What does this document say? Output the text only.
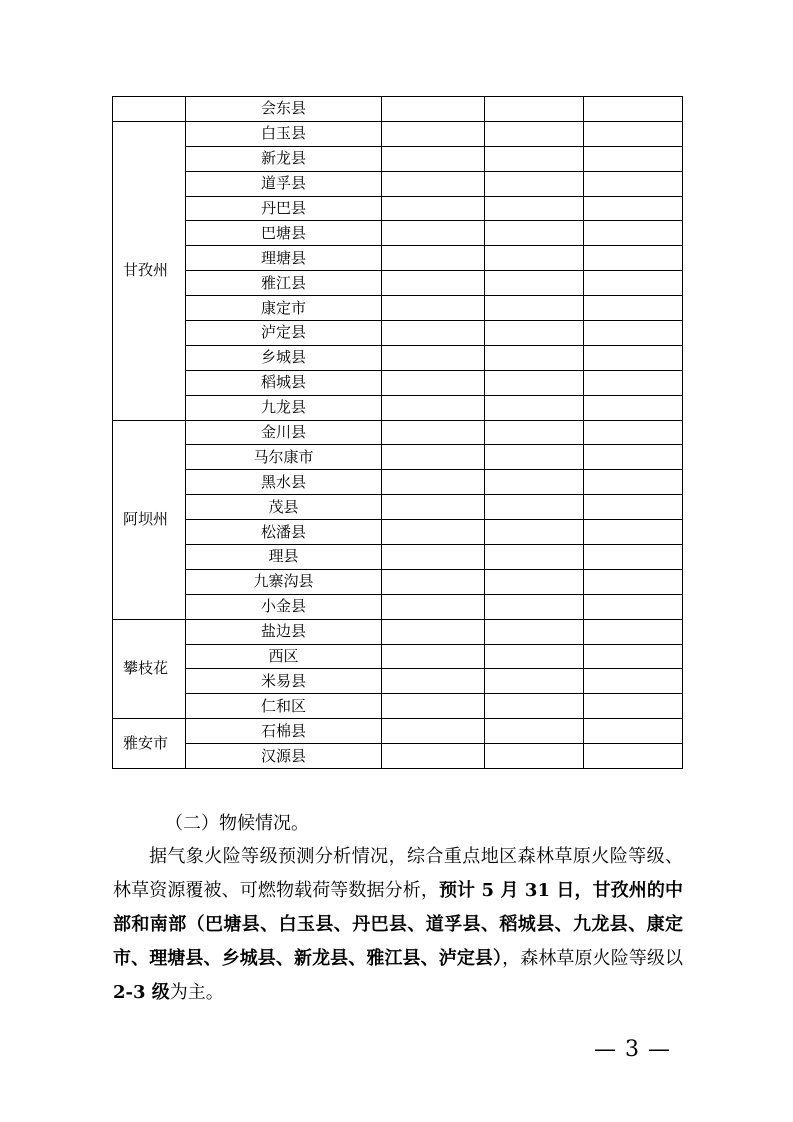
	会东县			
甘孜州	白玉县			
	新龙县			
	道孚县			
	丹巴县			
	巴塘县			
	理塘县			
	雅江县			
	康定市			
	泸定县			
	乡城县			
	稻城县			
	九龙县			
阿坝州	金川县			
	马尔康市			
	黑水县			
	茂县			
	松潘县			
	理县			
	九寨沟县			
	小金县			
攀枝花	盐边县			
	西区			
	米易县			
	仁和区			
雅安市	石棉县			
	汉源县			

（二）物候情况。

据气象火险等级预测分析情况，综合重点地区森林草原火险等级、林草资源覆被、可燃物载荷等数据分析，预计 5 月 31 日，甘孜州的中部和南部（巴塘县、白玉县、丹巴县、道孚县、稻城县、九龙县、康定市、理塘县、乡城县、新龙县、雅江县、泸定县），森林草原火险等级以 2-3 级为主。

— 3 —
